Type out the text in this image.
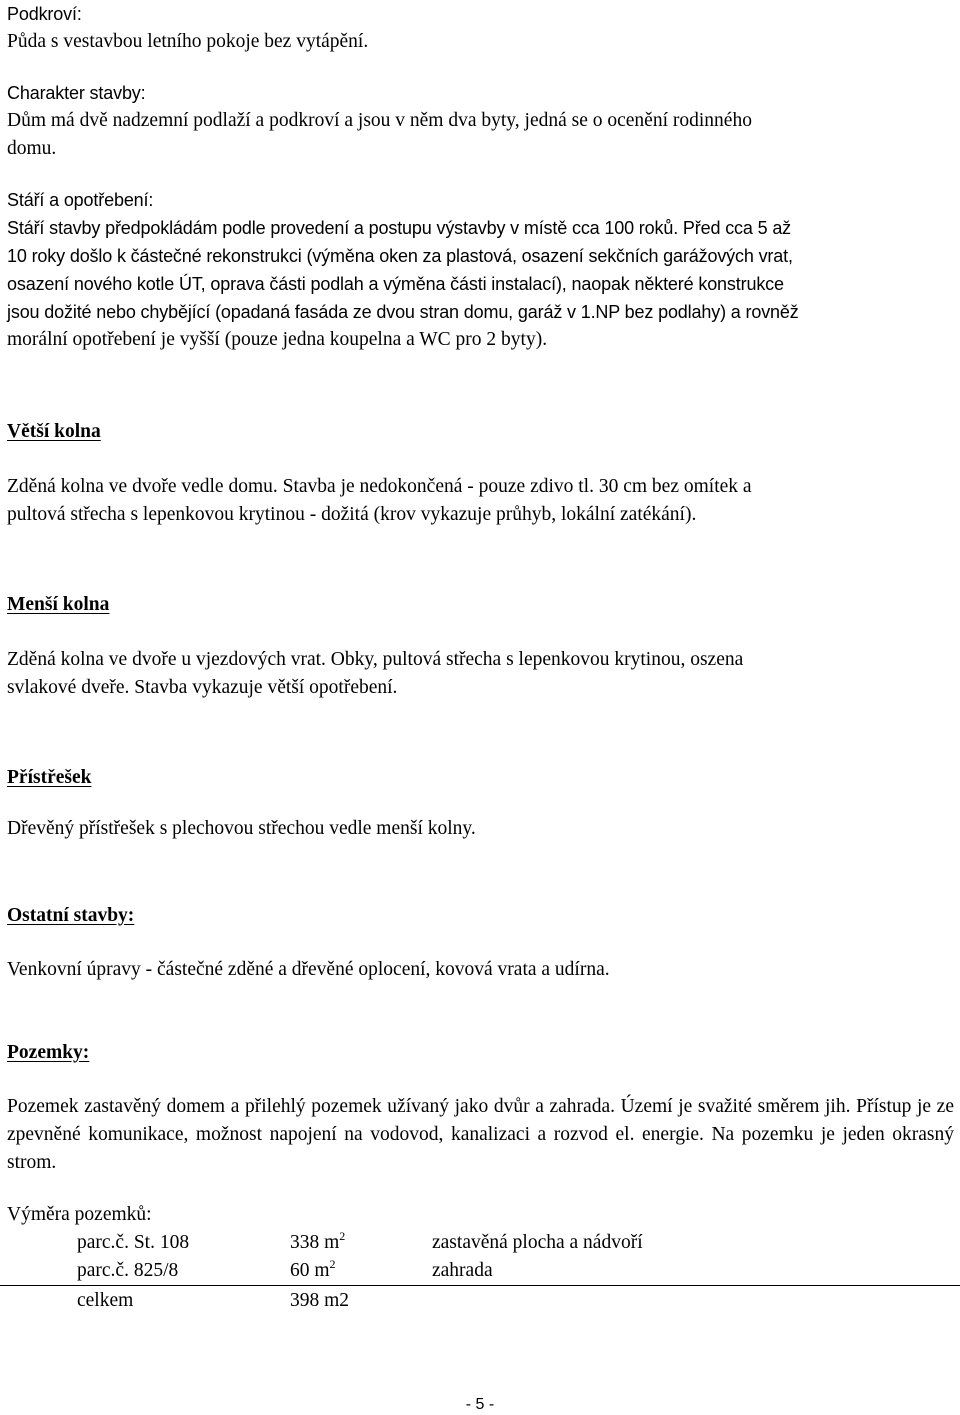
Podkroví:
Půda s vestavbou letního pokoje bez vytápění.
Charakter stavby:
Dům má dvě nadzemní podlaží a podkroví a jsou v něm dva byty, jedná se o ocenění rodinného
domu.
Stáří a opotřebení:
Stáří stavby předpokládám podle provedení a postupu výstavby v místě cca 100 roků. Před cca 5 až
10 roky došlo k částečné rekonstrukci (výměna oken za plastová, osazení sekčních garážových vrat,
osazení nového kotle ÚT, oprava části podlah a výměna části instalací), naopak některé konstrukce
jsou dožité nebo chybějící (opadaná fasáda ze dvou stran domu, garáž v 1.NP bez podlahy) a rovněž
morální opotřebení je vyšší (pouze jedna koupelna a WC pro 2 byty).
Větší kolna
Zděná kolna ve dvoře vedle domu. Stavba je nedokončená - pouze zdivo tl. 30 cm bez omítek a
pultová střecha s lepenkovou krytinou - dožitá (krov vykazuje průhyb, lokální zatékání).
Menší kolna
Zděná kolna ve dvoře u vjezdových vrat. Obky, pultová střecha s lepenkovou krytinou, oszena
svlakové dveře. Stavba vykazuje větší opotřebení.
Přístřešek
Dřevěný přístřešek s plechovou střechou vedle menší kolny.
Ostatní stavby:
Venkovní úpravy - částečné zděné a dřevěné oplocení, kovová vrata a udírna.
Pozemky:
Pozemek zastavěný domem a přilehlý pozemek užívaný jako dvůr a zahrada. Území je svažité směrem jih. Přístup je ze zpevněné komunikace, možnost napojení na vodovod, kanalizaci a rozvod el. energie. Na pozemku je jeden okrasný strom.
Výměra pozemků:
parc.č. St. 108	338 $m^2$	zastavěná plocha a nádvoří
parc.č. 825/8	60 $m^2$	zahrada
celkem	398 m2
- 5 -
